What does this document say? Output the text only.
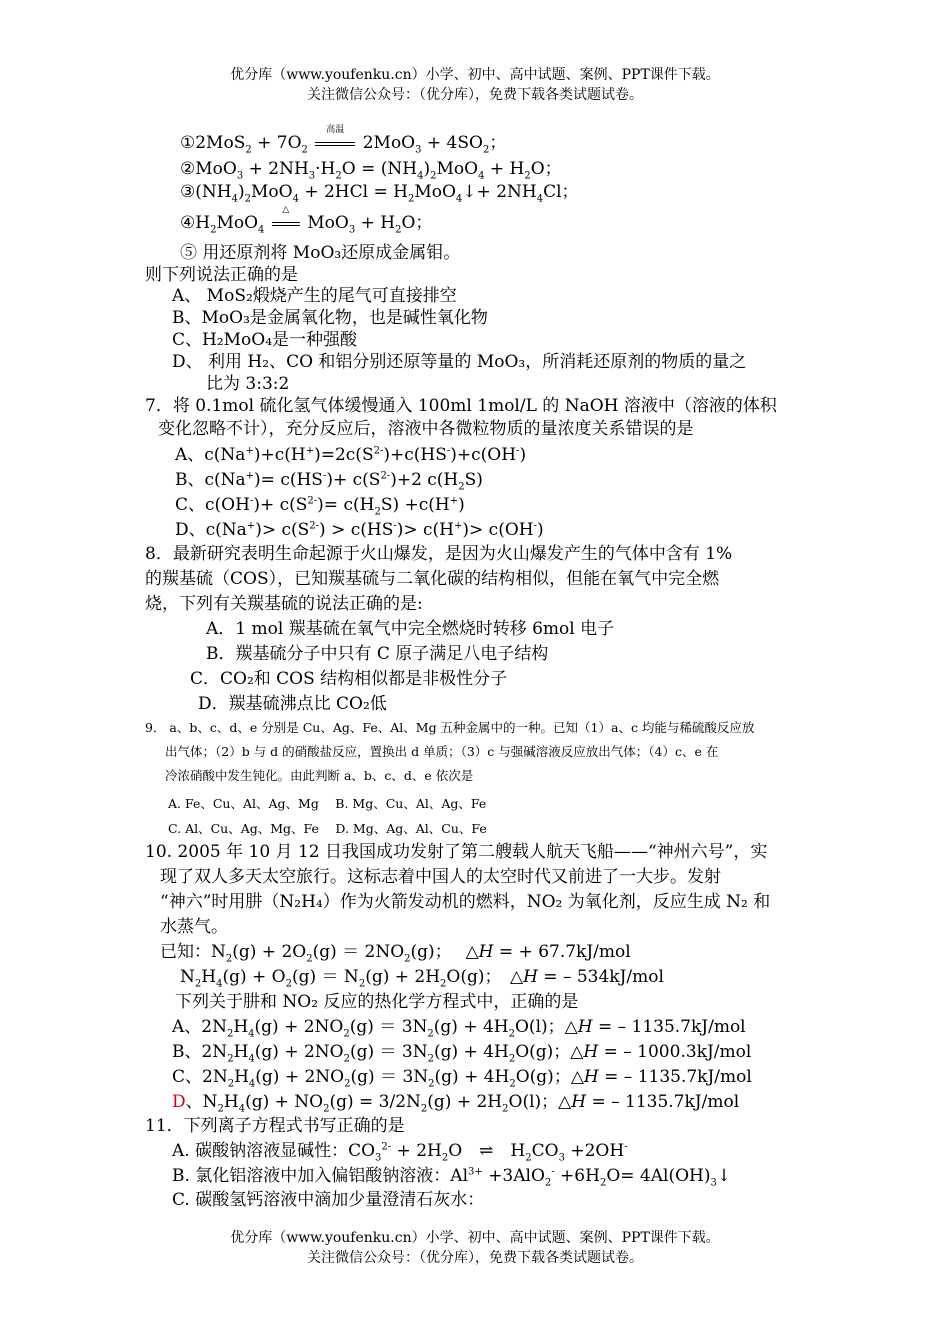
优分库（www.youfenku.cn）小学、初中、高中试题、案例、PPT课件下载。
关注微信公众号：（优分库），免费下载各类试题试卷。
①2MoS$_2$ + $7O_2$
高温
$2MoO_3 + 4SO_2$；
②MoO$_3$ + $2NH_3\cdot H_2O = (NH_4)_2MoO_4 + H_2O$；
$③(NH_4)_2MoO_4 + 2HCl$ = $H_2MoO_4↓+ 2NH_4Cl$；
$④H_2MoO_4$
△
$MoO_3 + H_2O$；
⑤ 用还原剂将 MoO₃还原成金属钼。
则下列说法正确的是
A、 MoS₂煅烧产生的尾气可直接排空
B、MoO₃是金属氧化物，也是碱性氧化物
C、H₂MoO₄是一种强酸
D、 利用 H₂、CO 和铝分别还原等量的 MoO₃，所消耗还原剂的物质的量之
比为 3:3:2
7．将 0.1mol 硫化氢气体缓慢通入 100ml 1mol/L 的 NaOH 溶液中（溶液的体积
变化忽略不计），充分反应后，溶液中各微粒物质的量浓度关系错误的是
A、$c(Na^+)+c(H^+)=2c(S^{2-})+c(HS^-)+c(OH^-)$
B、$c(Na^+)= c(HS^-)+ c(S^{2-})+2$ $c(H_2S)$
C、$c(OH^-)+ c(S^{2-})= c(H_2S) +c(H^+)$
D、$c(Na^+)> c(S^{2-}) > c(HS^-)> c(H^+)> c(OH^-)$
8．最新研究表明生命起源于火山爆发，是因为火山爆发产生的气体中含有 1%
的羰基硫（COS），已知羰基硫与二氧化碳的结构相似，但能在氧气中完全燃
烧，下列有关羰基硫的说法正确的是:
A．1 mol 羰基硫在氧气中完全燃烧时转移 6mol 电子
B．羰基硫分子中只有 C 原子满足八电子结构
C．CO₂和 COS 结构相似都是非极性分子
D．羰基硫沸点比 CO₂低
9． a、b、c、d、e 分别是 Cu、Ag、Fe、Al、Mg 五种金属中的一种。已知（1）a、c 均能与稀硫酸反应放
出气体；（2）b 与 d 的硝酸盐反应，置换出 d 单质；（3）c 与强碱溶液反应放出气体；（4）c、e 在
冷浓硝酸中发生钝化。由此判断 a、b、c、d、e 依次是
A. Fe、Cu、Al、Ag、Mg　 B. Mg、Cu、Al、Ag、Fe
C. Al、Cu、Ag、Mg、Fe　 D. Mg、Ag、Al、Cu、Fe
10. 2005 年 10 月 12 日我国成功发射了第二艘载人航天飞船——“神州六号”，实
现了双人多天太空旅行。这标志着中国人的太空时代又前进了一大步。发射
“神六”时用肼（N₂H₄）作为火箭发动机的燃料，NO₂ 为氧化剂，反应生成 N₂ 和
水蒸气。
已知：$N_2(g) + 2O_2(g) = 2NO_2(g)$；　 △H = + 67.7kJ/mol
$N_2H_4(g) + O_2(g) = N_2(g) + 2H_2O(g)$；　△H = – 534kJ/mol
下列关于肼和 NO₂ 反应的热化学方程式中，正确的是
A、$2N_2H_4(g) + 2NO_2(g) = 3N_2(g) + 4H_2O(l)$；△H = – 1135.7kJ/mol
B、$2N_2H_4(g) + 2NO_2(g) = 3N_2(g) + 4H_2O(g)$；△H = – 1000.3kJ/mol
C、$2N_2H_4(g) + 2NO_2(g) = 3N_2(g) + 4H_2O(g)$；△H = – 1135.7kJ/mol
D、$N_2H_4(g) + NO_2(g) = 3/2N_2(g) + 2H_2O(l)$；△H = – 1135.7kJ/mol
11．下列离子方程式书写正确的是
A. 碳酸钠溶液显碱性：$CO_3^{2-} + 2H_2O$　⇌　$H_2CO_3 +2OH^-$
B. 氯化铝溶液中加入偏铝酸钠溶液：$Al^{3+} +3AlO_2^- +6H_2O=$ $4Al(OH)_3↓$
C. 碳酸氢钙溶液中滴加少量澄清石灰水：
优分库（www.youfenku.cn）小学、初中、高中试题、案例、PPT课件下载。
关注微信公众号：（优分库），免费下载各类试题试卷。
